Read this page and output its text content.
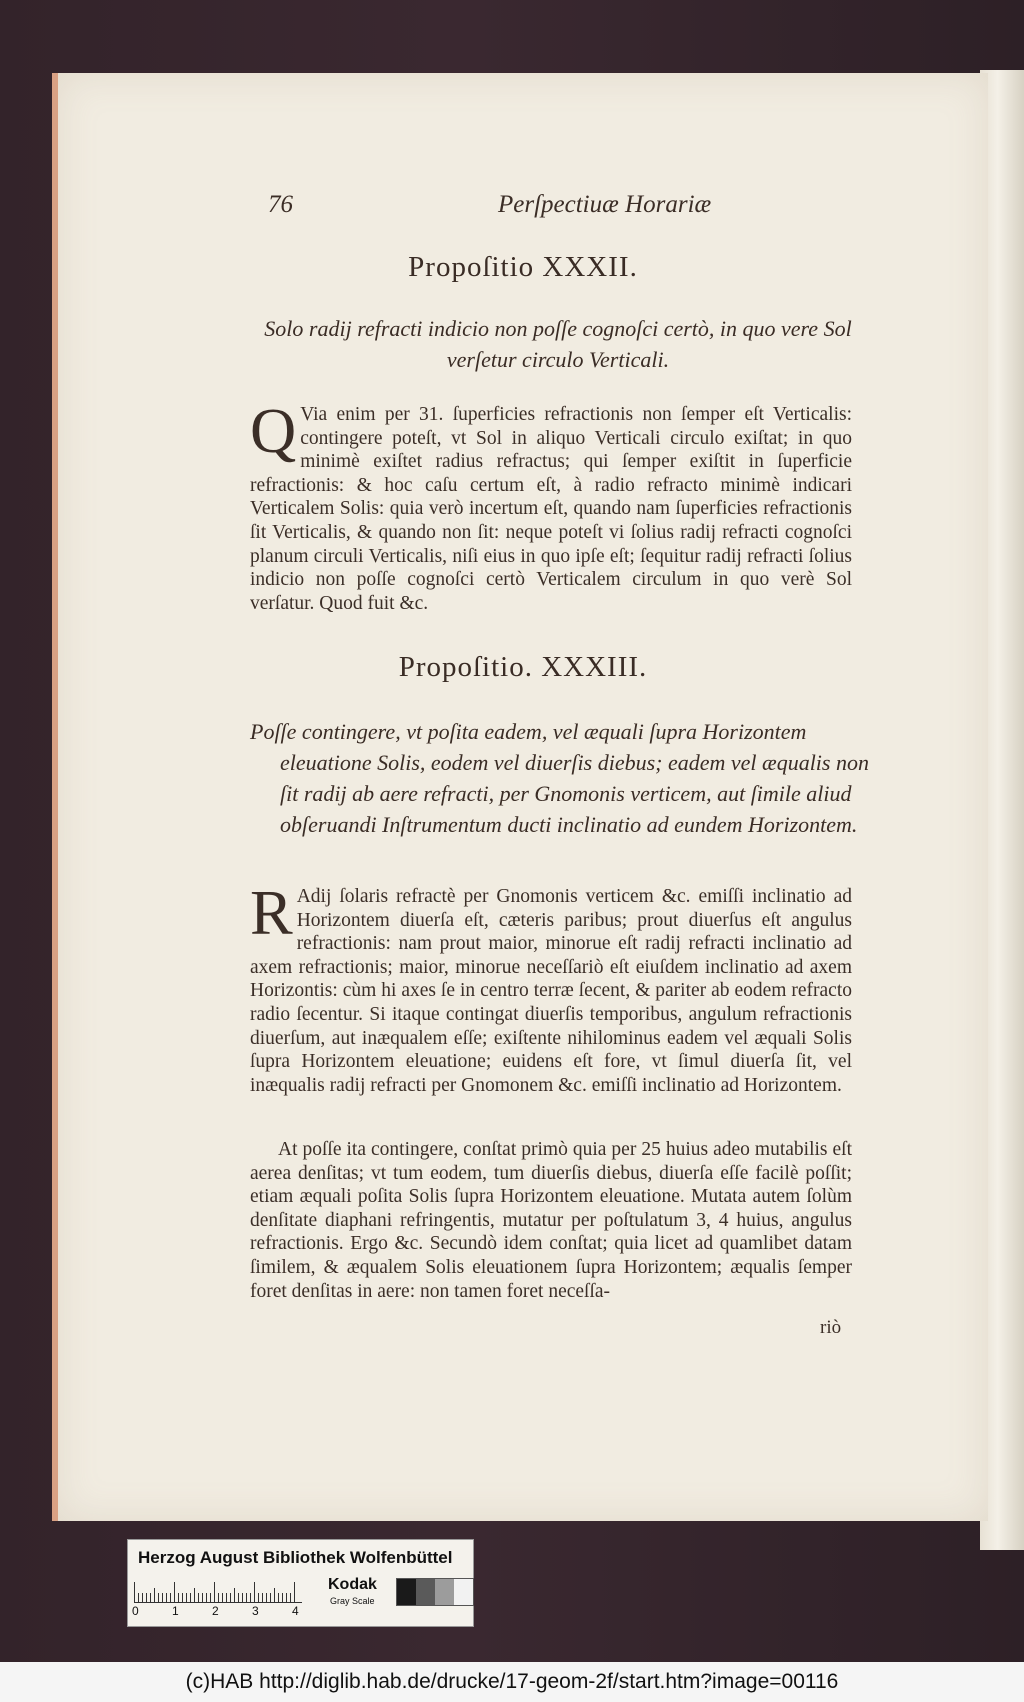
76	Perſpectiuæ Horariæ
Propoſitio XXXII.
Solo radij refracti indicio non poſſe cognoſci certò, in quo vere Sol verſetur circulo Verticali.
Q Via enim per 31. ſuperficies refractionis non ſemper eſt Verticalis: contingere poteſt, vt Sol in aliquo Verticali circulo exiſtat; in quo minimè exiſtet radius refractus; qui ſemper exiſtit in ſuperficie refractionis: & hoc caſu certum eſt, à radio refracto minimè indicari Verticalem Solis: quia verò incertum eſt, quando nam ſuperficies refractionis ſit Verticalis, & quando non ſit: neque poteſt vi ſolius radij refracti cognoſci planum circuli Verticalis, niſi eius in quo ipſe eſt; ſequitur radij refracti ſolius indicio non poſſe cognoſci certò Verticalem circulum in quo verè Sol verſatur. Quod fuit &c.
Propoſitio. XXXIII.
Poſſe contingere, vt poſita eadem, vel æquali ſupra Horizontem eleuatione Solis, eodem vel diuerſis diebus; eadem vel æqualis non ſit radij ab aere refracti, per Gnomonis verticem, aut ſimile aliud obſeruandi Inſtrumentum ducti inclinatio ad eundem Horizontem.
R Adij ſolaris refractè per Gnomonis verticem &c. emiſſi inclinatio ad Horizontem diuerſa eſt, cæteris paribus; prout diuerſus eſt angulus refractionis: nam prout maior, minorue eſt radij refracti inclinatio ad axem refractionis; maior, minorue neceſſariò eſt eiuſdem inclinatio ad axem Horizontis: cùm hi axes ſe in centro terræ ſecent, & pariter ab eodem refracto radio ſecentur. Si itaque contingat diuerſis temporibus, angulum refractionis diuerſum, aut inæqualem eſſe; exiſtente nihilominus eadem vel æquali Solis ſupra Horizontem eleuatione; euidens eſt fore, vt ſimul diuerſa ſit, vel inæqualis radij refracti per Gnomonem &c. emiſſi inclinatio ad Horizontem.
At poſſe ita contingere, conſtat primò quia per 25 huius adeo mutabilis eſt aerea denſitas; vt tum eodem, tum diuerſis diebus, diuerſa eſſe facilè poſſit; etiam æquali poſita Solis ſupra Horizontem eleuatione. Mutata autem ſolùm denſitate diaphani refringentis, mutatur per poſtulatum 3, 4 huius, angulus refractionis. Ergo &c. Secundò idem conſtat; quia licet ad quamlibet datam ſimilem, & æqualem Solis eleuationem ſupra Horizontem; æqualis ſemper foret denſitas in aere: non tamen foret neceſſa-
riò
Herzog August Bibliothek Wolfenbüttel
0	1	2	3	4
Kodak
Gray Scale
(c)HAB http://diglib.hab.de/drucke/17-geom-2f/start.htm?image=00116
